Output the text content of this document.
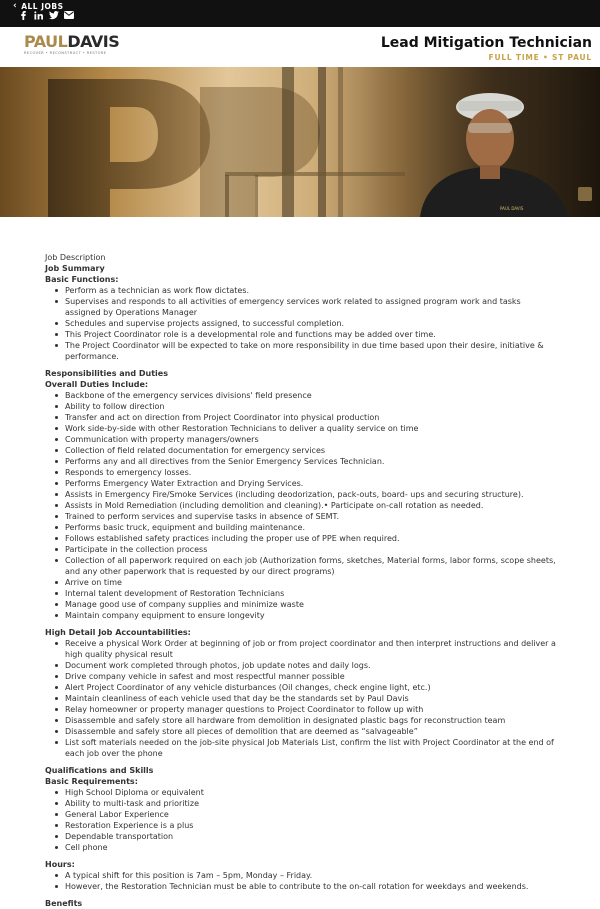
‹ ALL JOBS
PAULDAVIS
RECOVER • RECONSTRUCT • RESTORE
Lead Mitigation Technician
FULL TIME • ST PAUL
PAUL DAVIS

Job Description

Job Summary

Basic Functions:

Perform as a technician as work flow dictates.
Supervises and responds to all activities of emergency services work related to assigned program work and tasks assigned by Operations Manager
Schedules and supervise projects assigned, to successful completion.
This Project Coordinator role is a developmental role and functions may be added over time.
The Project Coordinator will be expected to take on more responsibility in due time based upon their desire, initiative & performance.

Responsibilities and Duties

Overall Duties Include:

Backbone of the emergency services divisions' field presence
Ability to follow direction
Transfer and act on direction from Project Coordinator into physical production
Work side-by-side with other Restoration Technicians to deliver a quality service on time
Communication with property managers/owners
Collection of field related documentation for emergency services
Performs any and all directives from the Senior Emergency Services Technician.
Responds to emergency losses.
Performs Emergency Water Extraction and Drying Services.
Assists in Emergency Fire/Smoke Services (including deodorization, pack-outs, board- ups and securing structure).
Assists in Mold Remediation (including demolition and cleaning).• Participate on-call rotation as needed.
Trained to perform services and supervise tasks in absence of SEMT.
Performs basic truck, equipment and building maintenance.
Follows established safety practices including the proper use of PPE when required.
Participate in the collection process
Collection of all paperwork required on each job (Authorization forms, sketches, Material forms, labor forms, scope sheets, and any other paperwork that is requested by our direct programs)
Arrive on time
Internal talent development of Restoration Technicians
Manage good use of company supplies and minimize waste
Maintain company equipment to ensure longevity

High Detail Job Accountabilities:

Receive a physical Work Order at beginning of job or from project coordinator and then interpret instructions and deliver a high quality physical result
Document work completed through photos, job update notes and daily logs.
Drive company vehicle in safest and most respectful manner possible
Alert Project Coordinator of any vehicle disturbances (Oil changes, check engine light, etc.)
Maintain cleanliness of each vehicle used that day be the standards set by Paul Davis
Relay homeowner or property manager questions to Project Coordinator to follow up with
Disassemble and safely store all hardware from demolition in designated plastic bags for reconstruction team
Disassemble and safely store all pieces of demolition that are deemed as “salvageable”
List soft materials needed on the job-site physical Job Materials List, confirm the list with Project Coordinator at the end of each job over the phone

Qualifications and Skills

Basic Requirements:

High School Diploma or equivalent
Ability to multi-task and prioritize
General Labor Experience
Restoration Experience is a plus
Dependable transportation
Cell phone

Hours:

A typical shift for this position is 7am – 5pm, Monday – Friday.
However, the Restoration Technician must be able to contribute to the on-call rotation for weekdays and weekends.

Benefits
